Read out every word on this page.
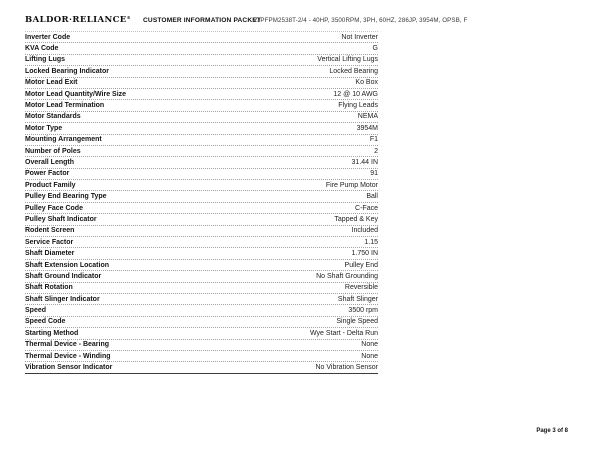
BALDOR·RELIANCE® CUSTOMER INFORMATION PACKET
VJPFPM2538T-2/4 - 40HP, 3500RPM, 3PH, 60HZ, 286JP, 3954M, OPSB, F
Inverter Code	Not Inverter
KVA Code	G
Lifting Lugs	Vertical Lifting Lugs
Locked Bearing Indicator	Locked Bearing
Motor Lead Exit	Ko Box
Motor Lead Quantity/Wire Size	12 @ 10 AWG
Motor Lead Termination	Flying Leads
Motor Standards	NEMA
Motor Type	3954M
Mounting Arrangement	F1
Number of Poles	2
Overall Length	31.44 IN
Power Factor	91
Product Family	Fire Pump Motor
Pulley End Bearing Type	Ball
Pulley Face Code	C-Face
Pulley Shaft Indicator	Tapped & Key
Rodent Screen	Included
Service Factor	1.15
Shaft Diameter	1.750 IN
Shaft Extension Location	Pulley End
Shaft Ground Indicator	No Shaft Grounding
Shaft Rotation	Reversible
Shaft Slinger Indicator	Shaft Slinger
Speed	3500 rpm
Speed Code	Single Speed
Starting Method	Wye Start - Delta Run
Thermal Device - Bearing	None
Thermal Device - Winding	None
Vibration Sensor Indicator	No Vibration Sensor
Page 3 of 8
